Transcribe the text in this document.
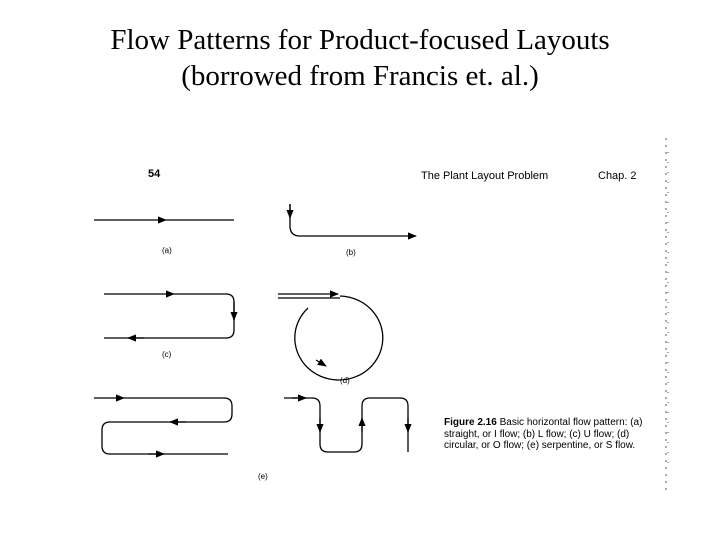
Flow Patterns for Product-focused Layouts
(borrowed from Francis et. al.)
54	The Plant Layout Problem	Chap. 2
(a)	(b)
(c)
(d)
(e)
Figure 2.16 Basic horizontal flow pattern: (a) straight, or I flow; (b) L flow; (c) U flow; (d) circular, or O flow; (e) serpentine, or S flow.
